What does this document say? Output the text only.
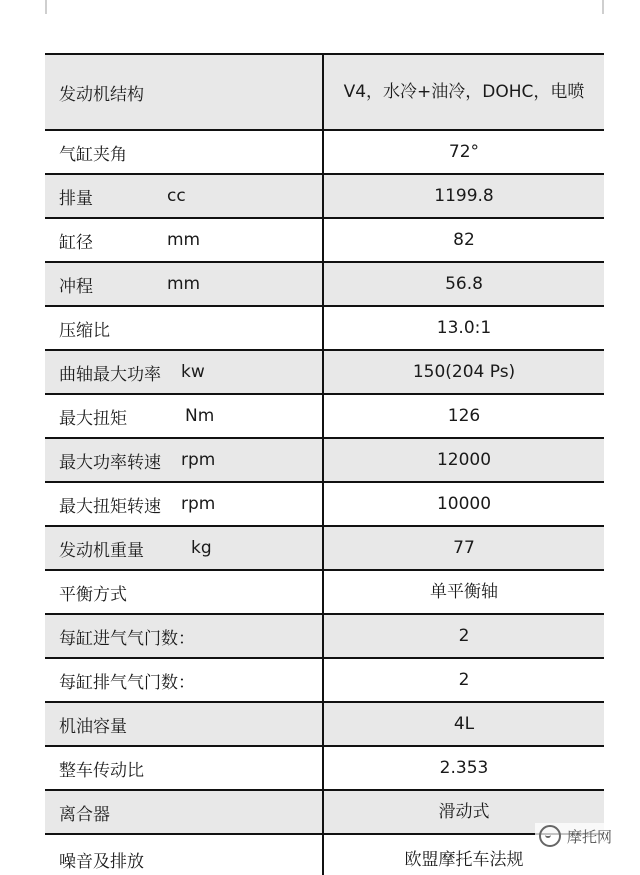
发动机结构	V4，水冷+油冷，DOHC，电喷
气缸夹角	72°
排量	cc	1199.8
缸径	mm	82
冲程	mm	56.8
压缩比	13.0:1
曲轴最大功率 kw	150(204 Ps)
最大扭矩	Nm	126
最大功率转速 rpm	12000
最大扭矩转速 rpm	10000
发动机重量	kg	77
平衡方式	单平衡轴
每缸进气气门数：	2
每缸排气气门数：	2
机油容量	4L
整车传动比	2.353
离合器	滑动式
噪音及排放	欧盟摩托车法规
摩托网
